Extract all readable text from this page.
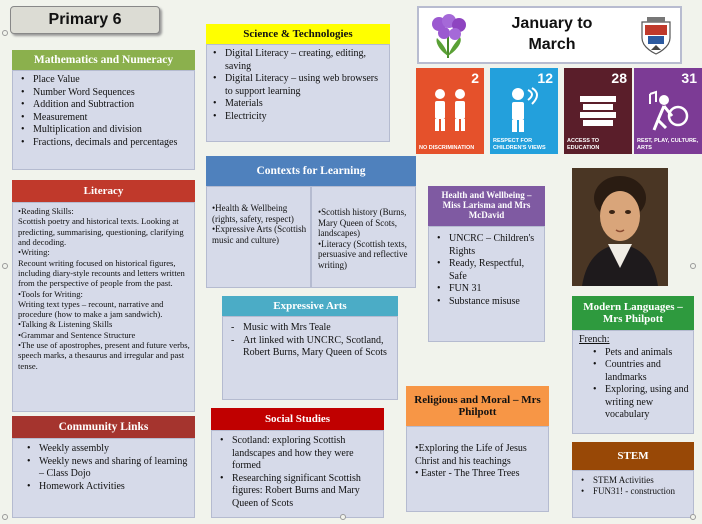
Primary 6	January to
March
Mathematics and Numeracy
• Place Value
• Number Word Sequences
• Addition and Subtraction
• Measurement
• Multiplication and division
• Fractions, decimals and percentages
Science & Technologies
• Digital Literacy – creating, editing, saving
• Digital Literacy – using web browsers to support learning
• Materials
• Electricity
2
NO DISCRIMINATION
12
RESPECT FOR CHILDREN'S VIEWS
28
ACCESS TO EDUCATION
31
REST, PLAY, CULTURE, ARTS
Literacy
•Reading Skills:
Scottish poetry and historical texts. Looking at predicting, summarising, questioning, clarifying and decoding.
•Writing:
Recount writing focused on historical figures, including diary-style recounts and letters written from the perspective of people from the past.
•Tools for Writing:
Writing text types – recount, narrative and procedure (how to make a jam sandwich).
•Talking & Listening Skills
•Grammar and Sentence Structure
•The use of apostrophes, present and future verbs, speech marks, a thesaurus and irregular and past tense.
Contexts for Learning
•Health & Wellbeing (rights, safety, respect)
•Expressive Arts (Scottish music and culture)
•Scottish history (Burns, Mary Queen of Scots, landscapes)
•Literacy (Scottish texts, persuasive and reflective writing)
Health and Wellbeing – Miss Larisma and Mrs McDavid
• UNCRC – Children's Rights
• Ready, Respectful, Safe
• FUN 31
• Substance misuse
Expressive Arts
- Music with Mrs Teale
- Art linked with UNCRC, Scotland, Robert Burns, Mary Queen of Scots
Modern Languages – Mrs Philpott
French:
• Pets and animals
• Countries and landmarks
• Exploring, using and writing new vocabulary
Community Links
• Weekly assembly
• Weekly news and sharing of learning – Class Dojo
• Homework Activities
Social Studies
• Scotland: exploring Scottish landscapes and how they were formed
• Researching significant Scottish figures: Robert Burns and Mary Queen of Scots
Religious and Moral – Mrs Philpott
•Exploring the Life of Jesus Christ and his teachings
• Easter - The Three Trees
STEM
• STEM Activities
• FUN31! - construction
